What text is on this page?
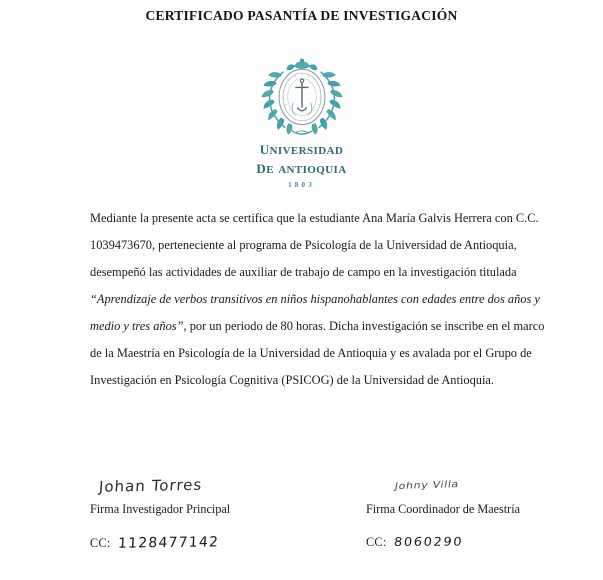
CERTIFICADO PASANTÍA DE INVESTIGACIÓN
universidad
de antioquia
1803
Mediante la presente acta se certifica que la estudiante Ana María Galvis Herrera con C.C.
1039473670, perteneciente al programa de Psicología de la Universidad de Antioquia,
desempeñó las actividades de auxiliar de trabajo de campo en la investigación titulada
“Aprendizaje de verbos transitivos en niños hispanohablantes con edades entre dos años y
medio y tres años”, por un periodo de 80 horas. Dicha investigación se inscribe en el marco
de la Maestría en Psicología de la Universidad de Antioquia y es avalada por el Grupo de
Investigación en Psicología Cognitiva (PSICOG) de la Universidad de Antioquia.
Johan Torres
Firma Investigador Principal
CC: 1128477142
Johny Villa
Firma Coordinador de Maestría
CC: 8060290
